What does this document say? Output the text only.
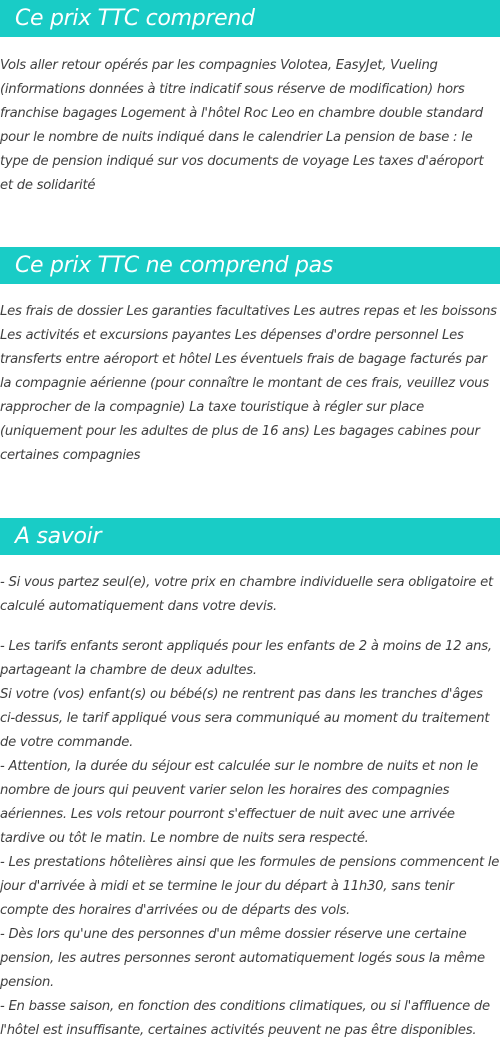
Ce prix TTC comprend

Vols aller retour opérés par les compagnies Volotea, EasyJet, Vueling (informations données à titre indicatif sous réserve de modification) hors franchise bagages Logement à l'hôtel Roc Leo en chambre double standard pour le nombre de nuits indiqué dans le calendrier La pension de base : le type de pension indiqué sur vos documents de voyage Les taxes d'aéroport et de solidarité

Ce prix TTC ne comprend pas

Les frais de dossier Les garanties facultatives Les autres repas et les boissons Les activités et excursions payantes Les dépenses d'ordre personnel Les transferts entre aéroport et hôtel Les éventuels frais de bagage facturés par la compagnie aérienne (pour connaître le montant de ces frais, veuillez vous rapprocher de la compagnie) La taxe touristique à régler sur place (uniquement pour les adultes de plus de 16 ans) Les bagages cabines pour certaines compagnies

A savoir

- Si vous partez seul(e), votre prix en chambre individuelle sera obligatoire et calculé automatiquement dans votre devis.

- Les tarifs enfants seront appliqués pour les enfants de 2 à moins de 12 ans, partageant la chambre de deux adultes.

Si votre (vos) enfant(s) ou bébé(s) ne rentrent pas dans les tranches d'âges ci-dessus, le tarif appliqué vous sera communiqué au moment du traitement de votre commande.

- Attention, la durée du séjour est calculée sur le nombre de nuits et non le nombre de jours qui peuvent varier selon les horaires des compagnies aériennes. Les vols retour pourront s'effectuer de nuit avec une arrivée tardive ou tôt le matin. Le nombre de nuits sera respecté.

- Les prestations hôtelières ainsi que les formules de pensions commencent le jour d'arrivée à midi et se termine le jour du départ à 11h30, sans tenir compte des horaires d'arrivées ou de départs des vols.

- Dès lors qu'une des personnes d'un même dossier réserve une certaine pension, les autres personnes seront automatiquement logés sous la même pension.

- En basse saison, en fonction des conditions climatiques, ou si l'affluence de l'hôtel est insuffisante, certaines activités peuvent ne pas être disponibles.
